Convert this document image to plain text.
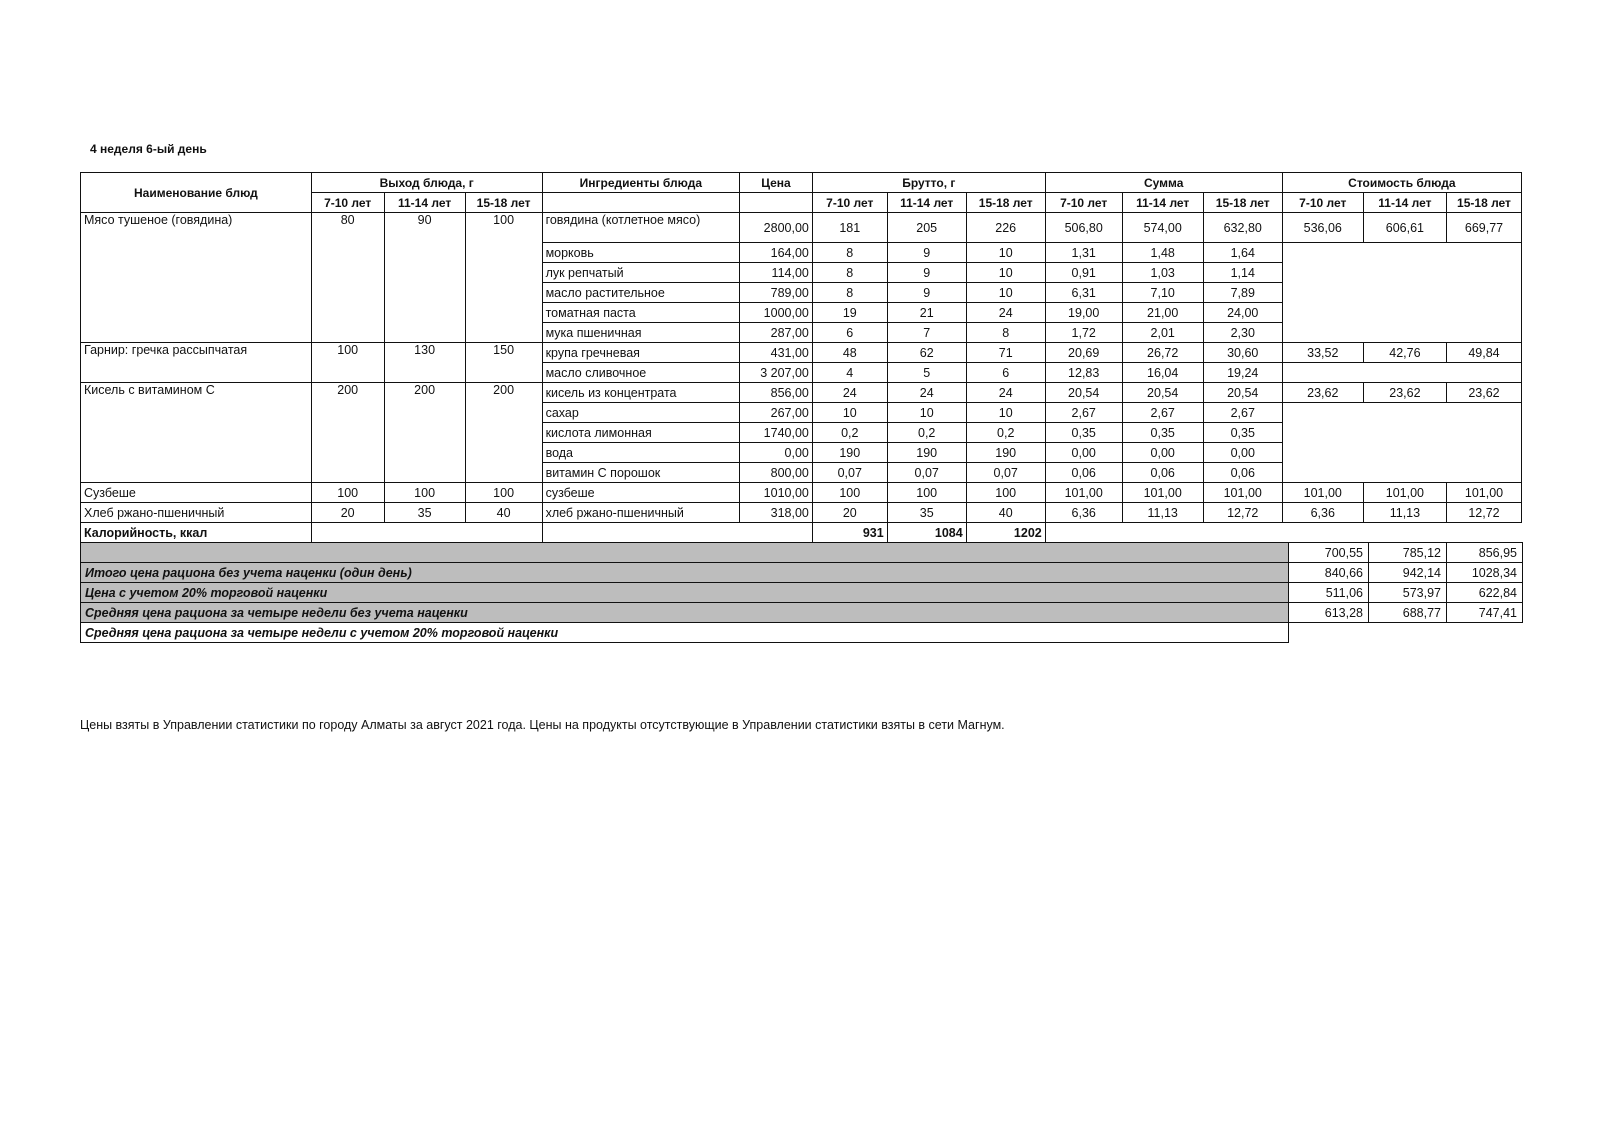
4 неделя 6-ый день
Наименование блюд	Выход блюда, г			Ингредиенты блюда	Цена	Брутто, г			Сумма			Стоимость блюда		
	7-10 лет	11-14 лет	15-18 лет			7-10 лет	11-14 лет	15-18 лет	7-10 лет	11-14 лет	15-18 лет	7-10 лет	11-14 лет	15-18 лет
Мясо тушеное (говядина)	80	90	100	говядина (котлетное мясо)	2800,00	181	205	226	506,80	574,00	632,80	536,06	606,61	669,77
				морковь	164,00	8	9	10	1,31	1,48	1,64			
				лук репчатый	114,00	8	9	10	0,91	1,03	1,14			
				масло растительное	789,00	8	9	10	6,31	7,10	7,89			
				томатная паста	1000,00	19	21	24	19,00	21,00	24,00			
				мука пшеничная	287,00	6	7	8	1,72	2,01	2,30			
Гарнир: гречка рассыпчатая	100	130	150	крупа гречневая	431,00	48	62	71	20,69	26,72	30,60	33,52	42,76	49,84
				масло сливочное	3 207,00	4	5	6	12,83	16,04	19,24			
Кисель с витамином С	200	200	200	кисель из концентрата	856,00	24	24	24	20,54	20,54	20,54	23,62	23,62	23,62
				сахар	267,00	10	10	10	2,67	2,67	2,67			
				кислота лимонная	1740,00	0,2	0,2	0,2	0,35	0,35	0,35			
				вода	0,00	190	190	190	0,00	0,00	0,00			
				витамин С порошок	800,00	0,07	0,07	0,07	0,06	0,06	0,06			
Сузбеше	100	100	100	сузбеше	1010,00	100	100	100	101,00	101,00	101,00	101,00	101,00	101,00
Хлеб ржано-пшеничный	20	35	40	хлеб ржано-пшеничный	318,00	20	35	40	6,36	11,13	12,72	6,36	11,13	12,72
Калорийность, ккал						931	1084	1202						
	700,55	785,12	856,95
Итого цена рациона без учета наценки (один день)	840,66	942,14	1028,34
Цена с учетом 20% торговой наценки	511,06	573,97	622,84
Средняя цена рациона за четыре недели без учета наценки	613,28	688,77	747,41
Средняя цена рациона за четыре недели с учетом 20% торговой наценки			
Цены взяты в Управлении статистики по городу Алматы за август 2021 года. Цены на продукты отсутствующие в Управлении статистики взяты в сети Магнум.
